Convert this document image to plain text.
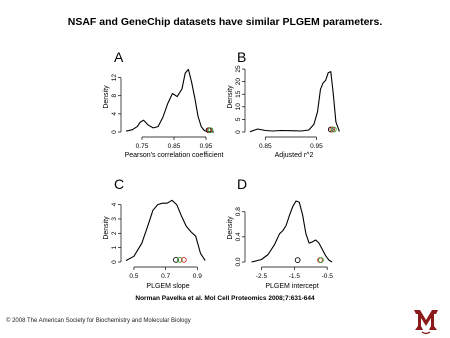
NSAF and GeneChip datasets have similar PLGEM parameters.
A
Pearson's correlation coefficient
Density
0.75	0.85	0.95
0
4
8
12
B
Adjusted r^2
Density
0.85	0.95
0
5
10
15
20
25
C
PLGEM slope
Density
0.5	0.7	0.9
0
1
2
3
4
D
PLGEM intercept
Density
-2.5	-1.5	-0.5
0.0
0.4
0.8
Norman Pavelka et al. Mol Cell Proteomics 2008;7:631-644
© 2008 The American Society for Biochemistry and Molecular Biology
